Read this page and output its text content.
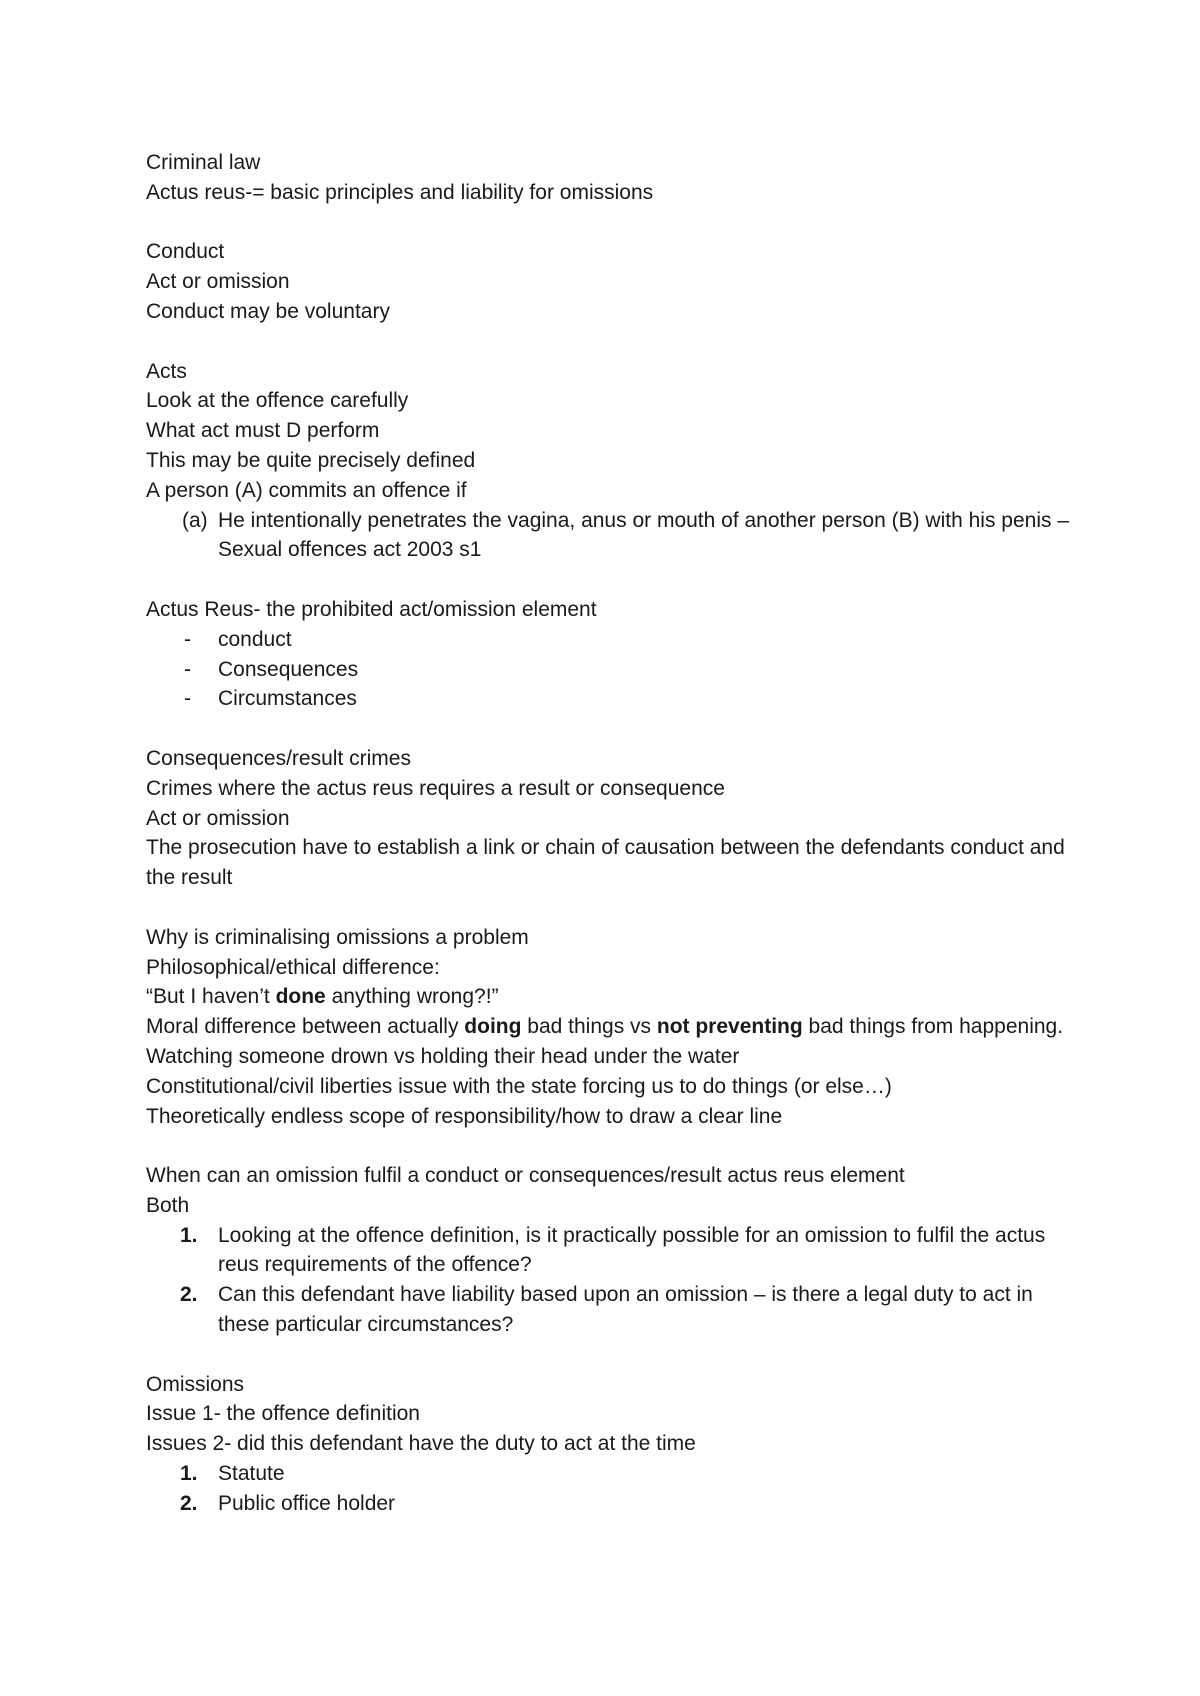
Criminal law
Actus reus-= basic principles and liability for omissions
Conduct
Act or omission
Conduct may be voluntary
Acts
Look at the offence carefully
What act must D perform
This may be quite precisely defined
A person (A) commits an offence if
(a) He intentionally penetrates the vagina, anus or mouth of another person (B) with his penis – Sexual offences act 2003 s1
Actus Reus- the prohibited act/omission element
-	conduct
-	Consequences
-	Circumstances
Consequences/result crimes
Crimes where the actus reus requires a result or consequence
Act or omission
The prosecution have to establish a link or chain of causation between the defendants conduct and the result
Why is criminalising omissions a problem
Philosophical/ethical difference:
“But I haven’t done anything wrong?!”
Moral difference between actually doing bad things vs not preventing bad things from happening.
Watching someone drown vs holding their head under the water
Constitutional/civil liberties issue with the state forcing us to do things (or else…)
Theoretically endless scope of responsibility/how to draw a clear line
When can an omission fulfil a conduct or consequences/result actus reus element
Both
1. Looking at the offence definition, is it practically possible for an omission to fulfil the actus reus requirements of the offence?
2. Can this defendant have liability based upon an omission – is there a legal duty to act in these particular circumstances?
Omissions
Issue 1- the offence definition
Issues 2- did this defendant have the duty to act at the time
1. Statute
2. Public office holder
